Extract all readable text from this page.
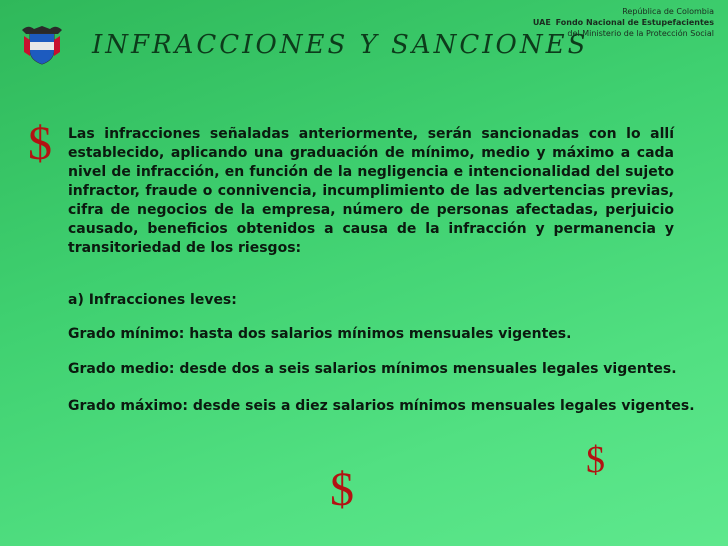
INFRACCIONES Y SANCIONES
República de Colombia
UAE Fondo Nacional de Estupefacientes
del Ministerio de la Protección Social
$
$
$

Las infracciones señaladas anteriormente, serán sancionadas con lo allí establecido, aplicando una graduación de mínimo, medio y máximo a cada nivel de infracción, en función de la negligencia e intencionalidad del sujeto infractor, fraude o connivencia, incumplimiento de las advertencias previas, cifra de negocios de la empresa, número de personas afectadas, perjuicio causado, beneficios obtenidos a causa de la infracción y permanencia y transitoriedad de los riesgos:

a) Infracciones leves:

Grado mínimo: hasta dos salarios mínimos mensuales vigentes.

Grado medio: desde dos a seis salarios mínimos mensuales legales vigentes.

Grado máximo: desde seis a diez salarios mínimos mensuales legales vigentes.
